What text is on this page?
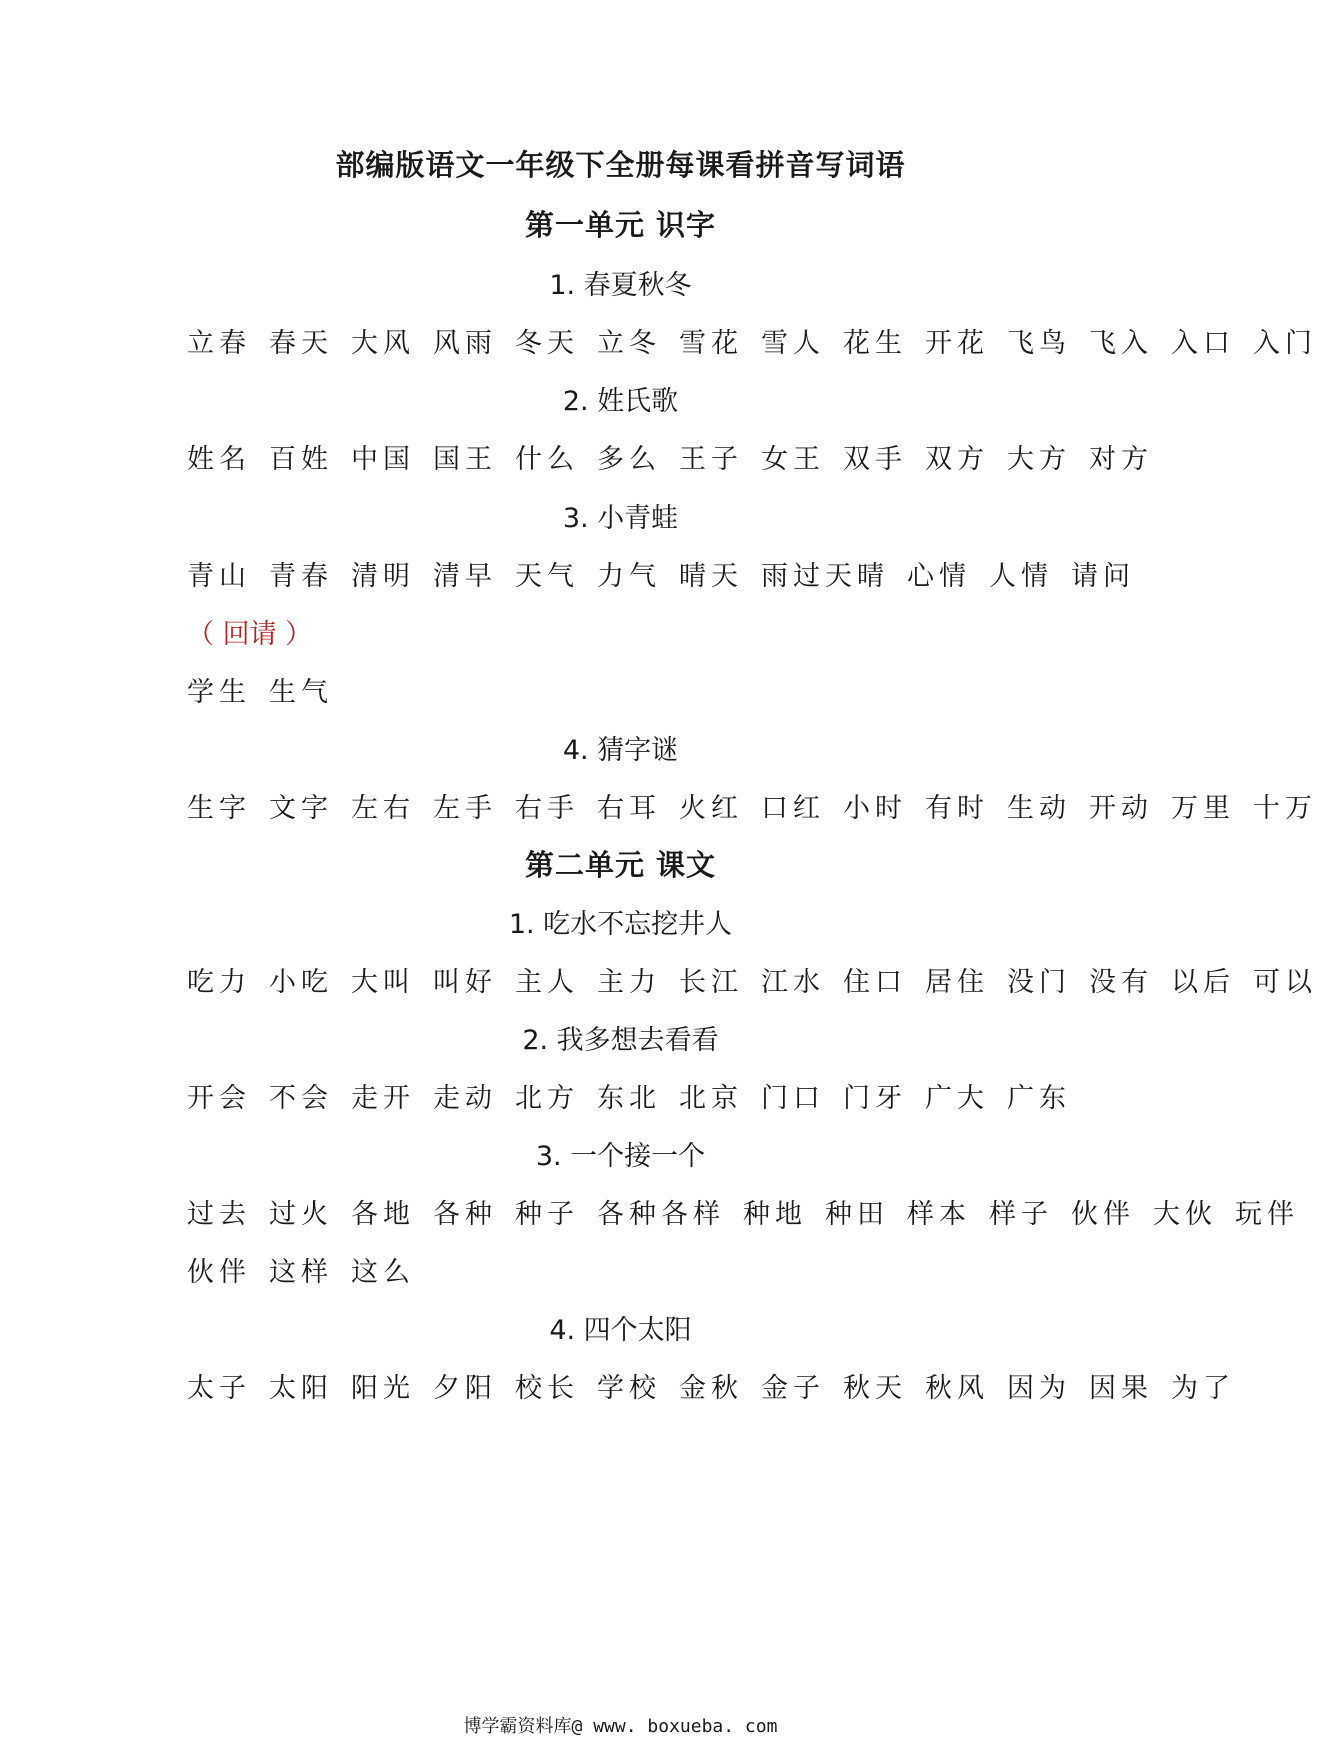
部编版语文一年级下全册每课看拼音写词语
第一单元 识字
1. 春夏秋冬
立春 春天 大风 风雨 冬天 立冬 雪花 雪人 花生 开花 飞鸟 飞入 入口 入门
2. 姓氏歌
姓名 百姓 中国 国王 什么 多么 王子 女王 双手 双方 大方 对方
3. 小青蛙
青山 青春 清明 清早 天气 力气 晴天 雨过天晴 心情 人情 请问
（ 回请 ）
学生 生气
4. 猜字谜
生字 文字 左右 左手 右手 右耳 火红 口红 小时 有时 生动 开动 万里 十万
第二单元 课文
1. 吃水不忘挖井人
吃力 小吃 大叫 叫好 主人 主力 长江 江水 住口 居住 没门 没有 以后 可以
2. 我多想去看看
开会 不会 走开 走动 北方 东北 北京 门口 门牙 广大 广东
3. 一个接一个
过去 过火 各地 各种 种子 各种各样 种地 种田 样本 样子 伙伴 大伙 玩伴
伙伴 这样 这么
4. 四个太阳
太子 太阳 阳光 夕阳 校长 学校 金秋 金子 秋天 秋风 因为 因果 为了
博学霸资料库@ www. boxueba. com
